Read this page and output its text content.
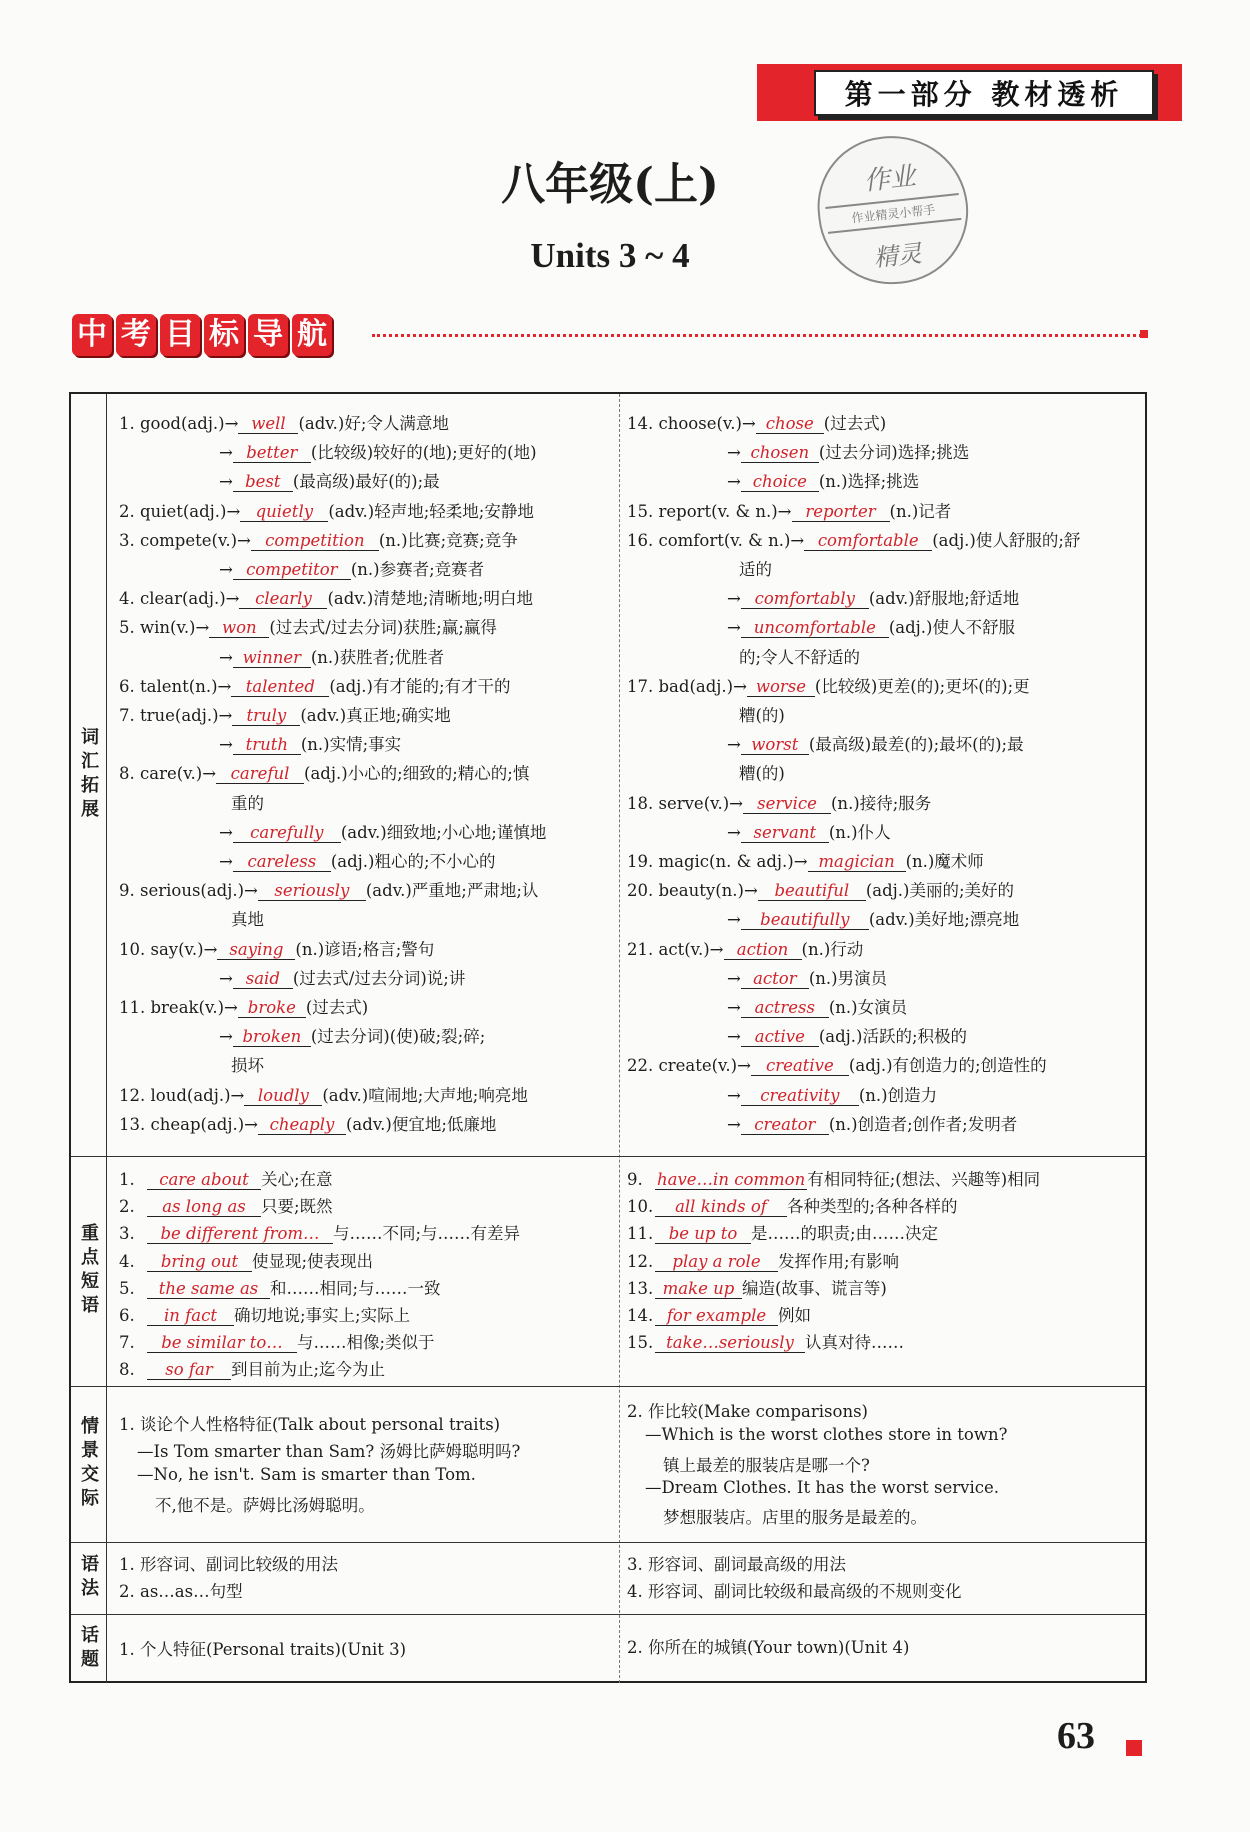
第一部分 教材透析
八年级(上)
Units 3 ~ 4
作业
作业精灵小帮手
精灵
中 考 目 标 导 航
词汇拓展
重点短语
情景交际
语法
话题
1. good(adj.)→ well (adv.)好;令人满意地
→ better (比较级)较好的(地);更好的(地)
→ best (最高级)最好(的);最
2. quiet(adj.)→ quietly (adv.)轻声地;轻柔地;安静地
3. compete(v.)→ competition (n.)比赛;竞赛;竞争
→ competitor (n.)参赛者;竞赛者
4. clear(adj.)→ clearly (adv.)清楚地;清晰地;明白地
5. win(v.)→ won (过去式/过去分词)获胜;赢;赢得
→ winner (n.)获胜者;优胜者
6. talent(n.)→ talented (adj.)有才能的;有才干的
7. true(adj.)→ truly (adv.)真正地;确实地
→ truth (n.)实情;事实
8. care(v.)→ careful (adj.)小心的;细致的;精心的;慎
重的
→ carefully (adv.)细致地;小心地;谨慎地
→ careless (adj.)粗心的;不小心的
9. serious(adj.)→ seriously (adv.)严重地;严肃地;认
真地
10. say(v.)→ saying (n.)谚语;格言;警句
→ said (过去式/过去分词)说;讲
11. break(v.)→ broke (过去式)
→ broken (过去分词)(使)破;裂;碎;
损坏
12. loud(adj.)→ loudly (adv.)喧闹地;大声地;响亮地
13. cheap(adj.)→ cheaply (adv.)便宜地;低廉地
14. choose(v.)→ chose (过去式)
→ chosen (过去分词)选择;挑选
→ choice (n.)选择;挑选
15. report(v. & n.)→ reporter (n.)记者
16. comfort(v. & n.)→ comfortable (adj.)使人舒服的;舒
适的
→ comfortably (adv.)舒服地;舒适地
→ uncomfortable (adj.)使人不舒服
的;令人不舒适的
17. bad(adj.)→ worse (比较级)更差(的);更坏(的);更
糟(的)
→ worst (最高级)最差(的);最坏(的);最
糟(的)
18. serve(v.)→ service (n.)接待;服务
→ servant (n.)仆人
19. magic(n. & adj.)→ magician (n.)魔术师
20. beauty(n.)→ beautiful (adj.)美丽的;美好的
→ beautifully (adv.)美好地;漂亮地
21. act(v.)→ action (n.)行动
→ actor (n.)男演员
→ actress (n.)女演员
→ active (adj.)活跃的;积极的
22. create(v.)→ creative (adj.)有创造力的;创造性的
→ creativity (n.)创造力
→ creator (n.)创造者;创作者;发明者
1. care about 关心;在意
2. as long as 只要;既然
3. be different from… 与……不同;与……有差异
4. bring out 使显现;使表现出
5. the same as 和……相同;与……一致
6. in fact 确切地说;事实上;实际上
7. be similar to… 与……相像;类似于
8. so far 到目前为止;迄今为止
9. have…in common 有相同特征;(想法、兴趣等)相同
10. all kinds of 各种类型的;各种各样的
11. be up to 是……的职责;由……决定
12. play a role 发挥作用;有影响
13. make up 编造(故事、谎言等)
14. for example 例如
15. take…seriously 认真对待……
1. 谈论个人性格特征(Talk about personal traits)
—Is Tom smarter than Sam? 汤姆比萨姆聪明吗?
—No, he isn't. Sam is smarter than Tom.
不,他不是。萨姆比汤姆聪明。
2. 作比较(Make comparisons)
—Which is the worst clothes store in town?
镇上最差的服装店是哪一个?
—Dream Clothes. It has the worst service.
梦想服装店。店里的服务是最差的。
1. 形容词、副词比较级的用法
2. as…as…句型
3. 形容词、副词最高级的用法
4. 形容词、副词比较级和最高级的不规则变化
1. 个人特征(Personal traits)(Unit 3)	2. 你所在的城镇(Your town)(Unit 4)
63
